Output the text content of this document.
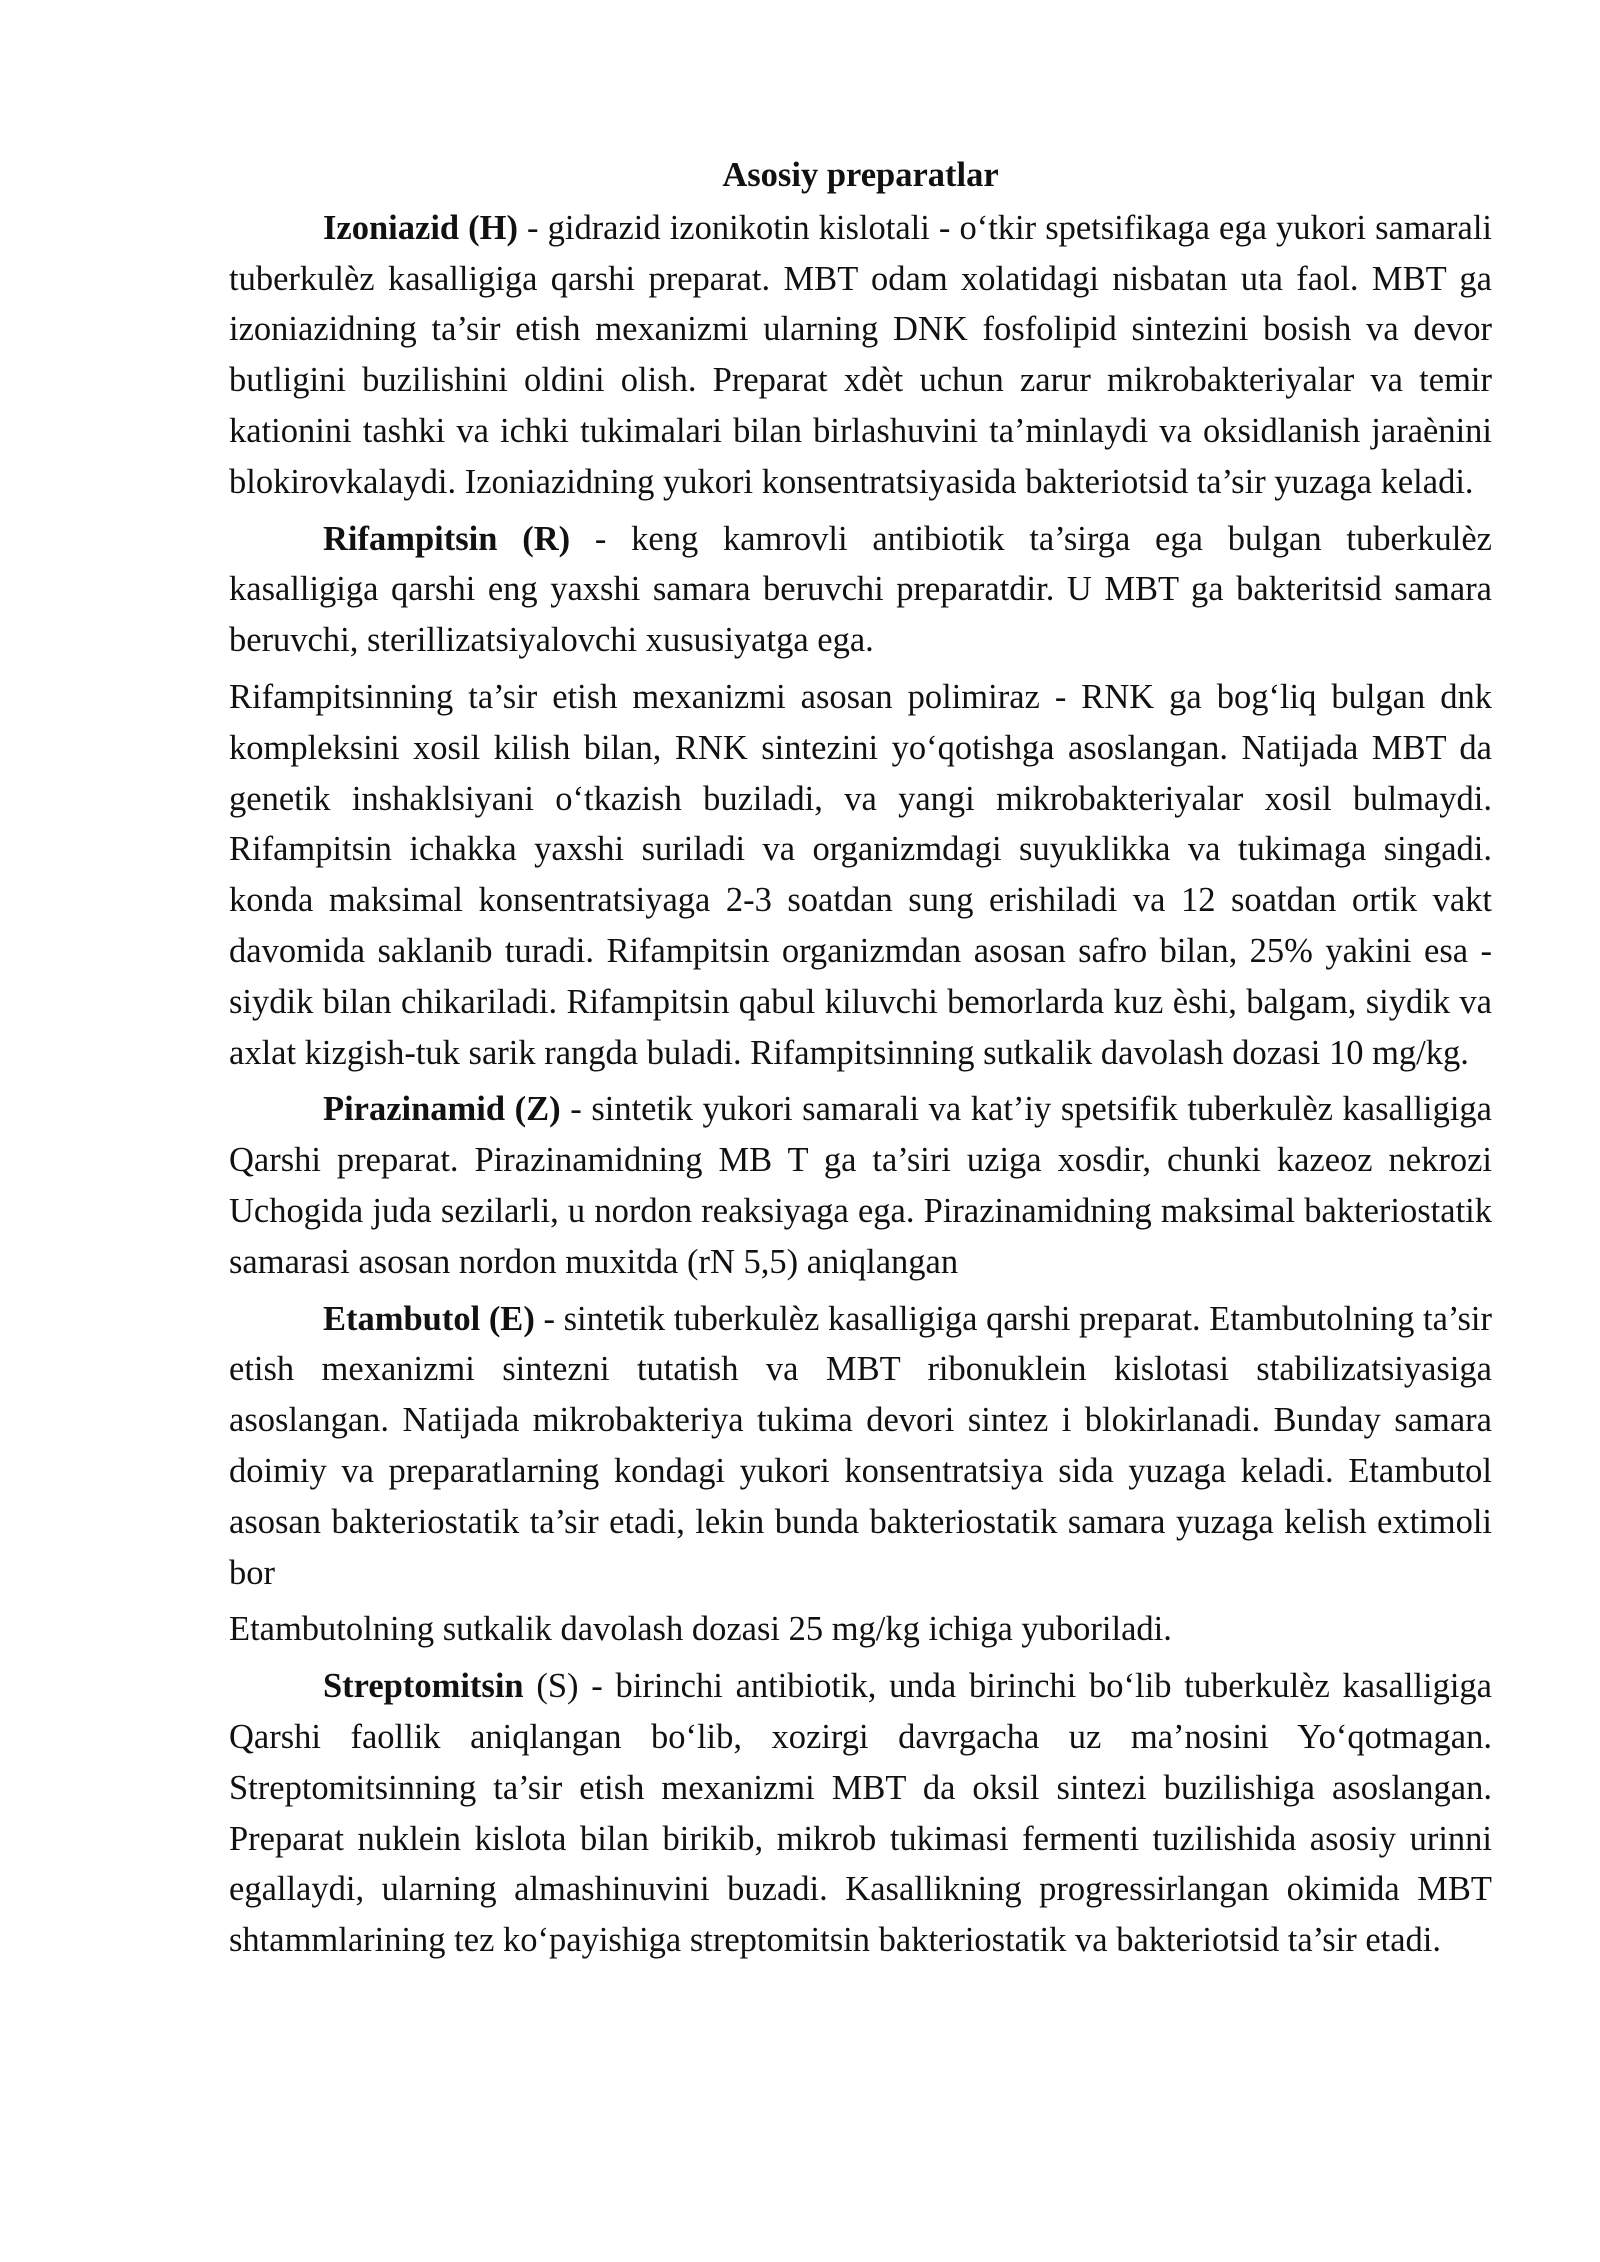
Asosiy preparatlar

Izoniazid (H) - gidrazid izonikotin kislotali - o‘tkir spetsifikaga ega yukori samarali tuberkulèz kasalligiga qarshi preparat. MBT odam xolatidagi nisbatan uta faol. MBT ga izoniazidning ta’sir etish mexanizmi ularning DNK fosfolipid sintezini bosish va devor butligini buzilishini oldini olish. Preparat xdèt uchun zarur mikrobakteriyalar va temir kationini tashki va ichki tukimalari bilan birlashuvini ta’minlaydi va oksidlanish jaraènini blokirovkalaydi. Izoniazidning yukori konsentratsiyasida bakteriotsid ta’sir yuzaga keladi.

Rifampitsin (R) - keng kamrovli antibiotik ta’sirga ega bulgan tuberkulèz kasalligiga qarshi eng yaxshi samara beruvchi preparatdir. U MBT ga bakteritsid samara beruvchi, sterillizatsiyalovchi xususiyatga ega.

Rifampitsinning ta’sir etish mexanizmi asosan polimiraz - RNK ga bog‘liq bulgan dnk kompleksini xosil kilish bilan, RNK sintezini yo‘qotishga asoslangan. Natijada MBT da genetik inshaklsiyani o‘tkazish buziladi, va yangi mikrobakteriyalar xosil bulmaydi. Rifampitsin ichakka yaxshi suriladi va organizmdagi suyuklikka va tukimaga singadi. konda maksimal konsentratsiyaga 2-3 soatdan sung erishiladi va 12 soatdan ortik vakt davomida saklanib turadi. Rifampitsin organizmdan asosan safro bilan, 25% yakini esa - siydik bilan chikariladi. Rifampitsin qabul kiluvchi bemorlarda kuz èshi, balgam, siydik va axlat kizgish-tuk sarik rangda buladi. Rifampitsinning sutkalik davolash dozasi 10 mg/kg.

Pirazinamid (Z) - sintetik yukori samarali va kat’iy spetsifik tuberkulèz kasalligiga Qarshi preparat. Pirazinamidning MB T ga ta’siri uziga xosdir, chunki kazeoz nekrozi Uchogida juda sezilarli, u nordon reaksiyaga ega. Pirazinamidning maksimal bakteriostatik samarasi asosan nordon muxitda (rN 5,5) aniqlangan

Etambutol (E) - sintetik tuberkulèz kasalligiga qarshi preparat. Etambutolning ta’sir etish mexanizmi sintezni tutatish va MBT ribonuklein kislotasi stabilizatsiyasiga asoslangan. Natijada mikrobakteriya tukima devori sintez i blokirlanadi. Bunday samara doimiy va preparatlarning kondagi yukori konsentratsiya sida yuzaga keladi. Etambutol asosan bakteriostatik ta’sir etadi, lekin bunda bakteriostatik samara yuzaga kelish extimoli bor

Etambutolning sutkalik davolash dozasi 25 mg/kg ichiga yuboriladi.

Streptomitsin (S) - birinchi antibiotik, unda birinchi bo‘lib tuberkulèz kasalligiga Qarshi faollik aniqlangan bo‘lib, xozirgi davrgacha uz ma’nosini Yo‘qotmagan. Streptomitsinning ta’sir etish mexanizmi MBT da oksil sintezi buzilishiga asoslangan. Preparat nuklein kislota bilan birikib, mikrob tukimasi fermenti tuzilishida asosiy urinni egallaydi, ularning almashinuvini buzadi. Kasallikning progressirlangan okimida MBT shtammlarining tez ko‘payishiga streptomitsin bakteriostatik va bakteriotsid ta’sir etadi.
